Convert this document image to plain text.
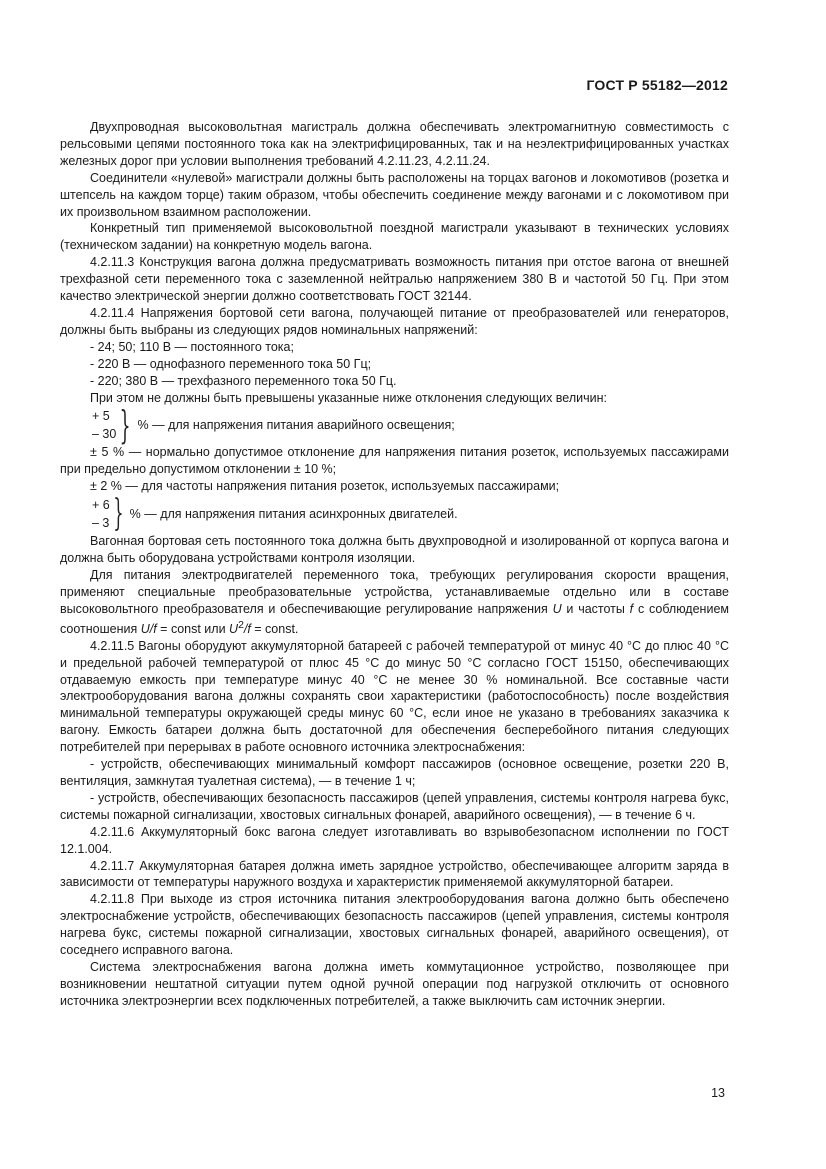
ГОСТ Р 55182—2012

Двухпроводная высоковольтная магистраль должна обеспечивать электромагнитную совместимость с рельсовыми цепями постоянного тока как на электрифицированных, так и на неэлектрифицированных участках железных дорог при условии выполнения требований 4.2.11.23, 4.2.11.24.

Соединители «нулевой» магистрали должны быть расположены на торцах вагонов и локомотивов (розетка и штепсель на каждом торце) таким образом, чтобы обеспечить соединение между вагонами и с локомотивом при их произвольном взаимном расположении.

Конкретный тип применяемой высоковольтной поездной магистрали указывают в технических условиях (техническом задании) на конкретную модель вагона.

4.2.11.3 Конструкция вагона должна предусматривать возможность питания при отстое вагона от внешней трехфазной сети переменного тока с заземленной нейтралью напряжением 380 В и частотой 50 Гц. При этом качество электрической энергии должно соответствовать ГОСТ 32144.

4.2.11.4 Напряжения бортовой сети вагона, получающей питание от преобразователей или генераторов, должны быть выбраны из следующих рядов номинальных напряжений:

- 24; 50; 110 В — постоянного тока;

- 220 В — однофазного переменного тока 50 Гц;

- 220; 380 В — трехфазного переменного тока 50 Гц.

При этом не должны быть превышены указанные ниже отклонения следующих величин:

+ 5
– 30 } % — для напряжения питания аварийного освещения;

± 5 % — нормально допустимое отклонение для напряжения питания розеток, используемых пассажирами при предельно допустимом отклонении ± 10 %;

± 2 % — для частоты напряжения питания розеток, используемых пассажирами;

+ 6
– 3 } % — для напряжения питания асинхронных двигателей.

Вагонная бортовая сеть постоянного тока должна быть двухпроводной и изолированной от корпуса вагона и должна быть оборудована устройствами контроля изоляции.

Для питания электродвигателей переменного тока, требующих регулирования скорости вращения, применяют специальные преобразовательные устройства, устанавливаемые отдельно или в составе высоковольтного преобразователя и обеспечивающие регулирование напряжения U и частоты f с соблюдением соотношения U/f = const или $U^2/f$ = const.

4.2.11.5 Вагоны оборудуют аккумуляторной батареей с рабочей температурой от минус 40 °С до плюс 40 °С и предельной рабочей температурой от плюс 45 °С до минус 50 °С согласно ГОСТ 15150, обеспечивающих отдаваемую емкость при температуре минус 40 °С не менее 30 % номинальной. Все составные части электрооборудования вагона должны сохранять свои характеристики (работоспособность) после воздействия минимальной температуры окружающей среды минус 60 °С, если иное не указано в требованиях заказчика к вагону. Емкость батареи должна быть достаточной для обеспечения бесперебойного питания следующих потребителей при перерывах в работе основного источника электроснабжения:

- устройств, обеспечивающих минимальный комфорт пассажиров (основное освещение, розетки 220 В, вентиляция, замкнутая туалетная система), — в течение 1 ч;

- устройств, обеспечивающих безопасность пассажиров (цепей управления, системы контроля нагрева букс, системы пожарной сигнализации, хвостовых сигнальных фонарей, аварийного освещения), — в течение 6 ч.

4.2.11.6 Аккумуляторный бокс вагона следует изготавливать во взрывобезопасном исполнении по ГОСТ 12.1.004.

4.2.11.7 Аккумуляторная батарея должна иметь зарядное устройство, обеспечивающее алгоритм заряда в зависимости от температуры наружного воздуха и характеристик применяемой аккумуляторной батареи.

4.2.11.8 При выходе из строя источника питания электрооборудования вагона должно быть обеспечено электроснабжение устройств, обеспечивающих безопасность пассажиров (цепей управления, системы контроля нагрева букс, системы пожарной сигнализации, хвостовых сигнальных фонарей, аварийного освещения), от соседнего исправного вагона.

Система электроснабжения вагона должна иметь коммутационное устройство, позволяющее при возникновении нештатной ситуации путем одной ручной операции под нагрузкой отключить от основного источника электроэнергии всех подключенных потребителей, а также выключить сам источник энергии.

13
